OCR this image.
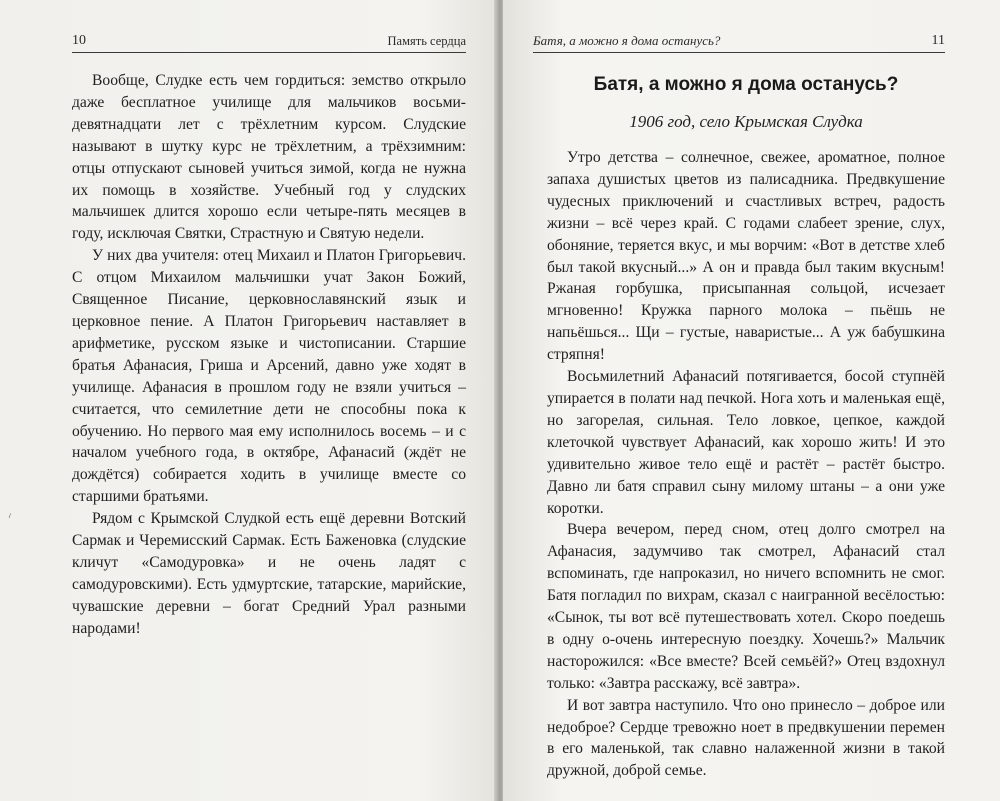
10	Память сердца

Вообще, Слудке есть чем гордиться: земство открыло даже бесплатное училище для мальчиков восьми-девятнадцати лет с трёхлетним курсом. Слудские называют в шутку курс не трёхлетним, а трёхзимним: отцы отпускают сыновей учиться зимой, когда не нужна их помощь в хозяйстве. Учебный год у слудских мальчишек длится хорошо если четыре-пять месяцев в году, исключая Святки, Страстную и Святую недели.

У них два учителя: отец Михаил и Платон Григорьевич. С отцом Михаилом мальчишки учат Закон Божий, Священное Писание, церковнославянский язык и церковное пение. А Платон Григорьевич наставляет в арифметике, русском языке и чистописании. Старшие братья Афанасия, Гриша и Арсений, давно уже ходят в училище. Афанасия в прошлом году не взяли учиться – считается, что семилетние дети не способны пока к обучению. Но первого мая ему исполнилось восемь – и с началом учебного года, в октябре, Афанасий (ждёт не дождётся) собирается ходить в училище вместе со старшими братьями.

Рядом с Крымской Слудкой есть ещё деревни Вотский Сармак и Черемисский Сармак. Есть Баженовка (слудские кличут «Самодуровка» и не очень ладят с самодуровскими). Есть удмуртские, татарские, марийские, чувашские деревни – богат Средний Урал разными народами!

⸝
Батя, а можно я дома останусь?	11
Батя, а можно я дома останусь?
1906 год, село Крымская Слудка

Утро детства – солнечное, свежее, ароматное, полное запаха душистых цветов из палисадника. Предвкушение чудесных приключений и счастливых встреч, радость жизни – всё через край. С годами слабеет зрение, слух, обоняние, теряется вкус, и мы ворчим: «Вот в детстве хлеб был такой вкусный...» А он и правда был таким вкусным! Ржаная горбушка, присыпанная сольцой, исчезает мгновенно! Кружка парного молока – пьёшь не напьёшься... Щи – густые, наваристые... А уж бабушкина стряпня!

Восьмилетний Афанасий потягивается, босой ступнёй упирается в полати над печкой. Нога хоть и маленькая ещё, но загорелая, сильная. Тело ловкое, цепкое, каждой клеточкой чувствует Афанасий, как хорошо жить! И это удивительно живое тело ещё и растёт – растёт быстро. Давно ли батя справил сыну милому штаны – а они уже коротки.

Вчера вечером, перед сном, отец долго смотрел на Афанасия, задумчиво так смотрел, Афанасий стал вспоминать, где напроказил, но ничего вспомнить не смог. Батя погладил по вихрам, сказал с наигранной весёлостью: «Сынок, ты вот всё путешествовать хотел. Скоро поедешь в одну о-очень интересную поездку. Хочешь?» Мальчик насторожился: «Все вместе? Всей семьёй?» Отец вздохнул только: «Завтра расскажу, всё завтра».

И вот завтра наступило. Что оно принесло – доброе или недоброе? Сердце тревожно ноет в предвкушении перемен в его маленькой, так славно налаженной жизни в такой дружной, доброй семье.
